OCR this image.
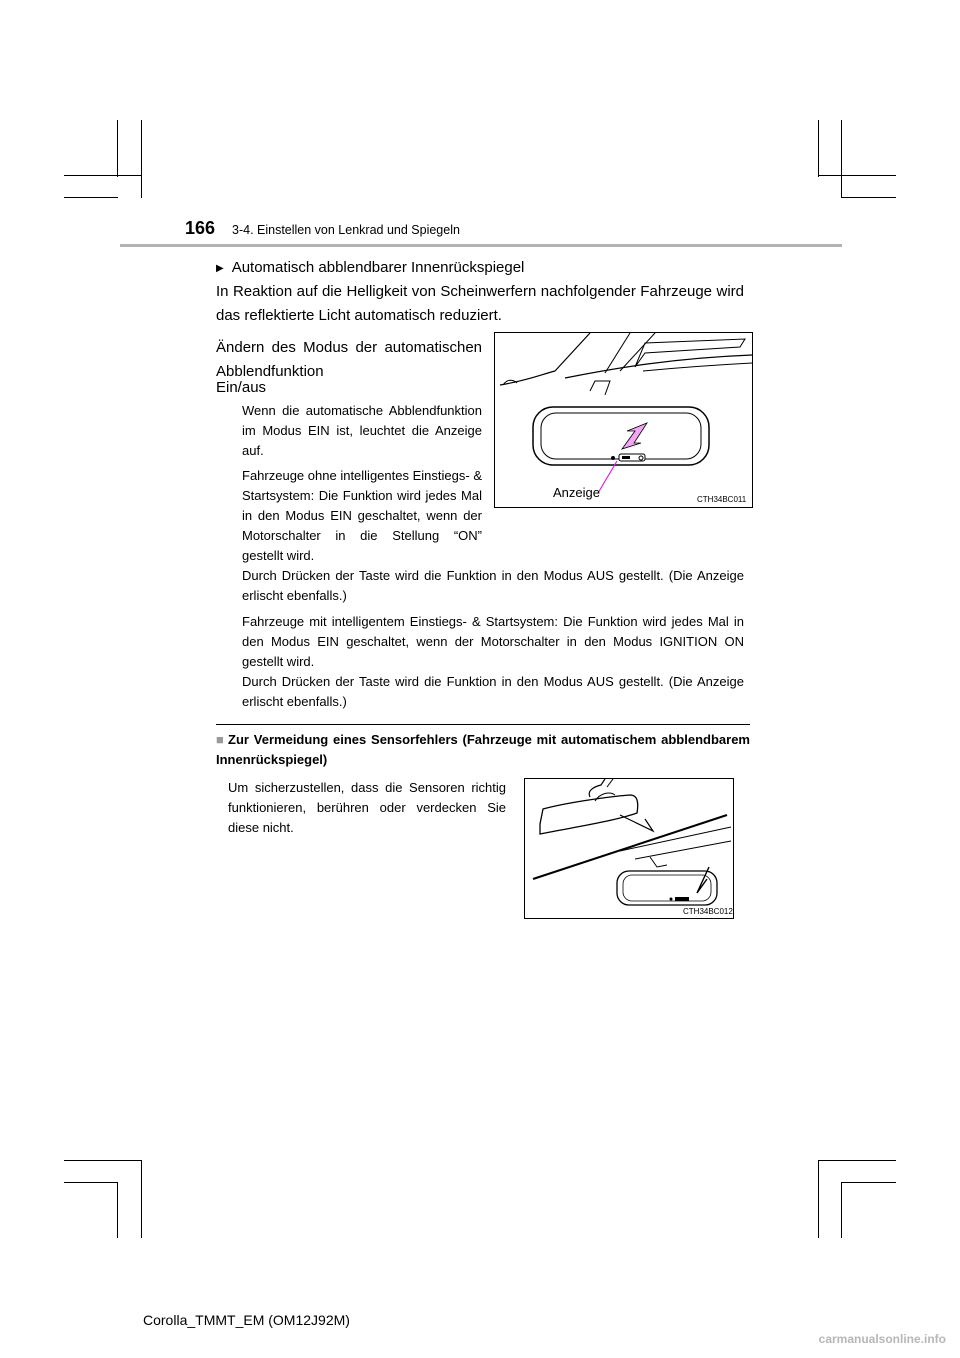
166 3-4. Einstellen von Lenkrad und Spiegeln
▶ Automatisch abblendbarer Innenrückspiegel
In Reaktion auf die Helligkeit von Scheinwerfern nachfolgender Fahrzeuge wird das reflektierte Licht automatisch reduziert.
Ändern des Modus der automatischen Abblendfunktion
Ein/aus
Wenn die automatische Abblendfunktion im Modus EIN ist, leuchtet die Anzeige auf.
Fahrzeuge ohne intelligentes Einstiegs- & Startsystem: Die Funktion wird jedes Mal in den Modus EIN geschaltet, wenn der Motorschalter in die Stellung “ON” gestellt wird.
Durch Drücken der Taste wird die Funktion in den Modus AUS gestellt. (Die Anzeige erlischt ebenfalls.)
Fahrzeuge mit intelligentem Einstiegs- & Startsystem: Die Funktion wird jedes Mal in den Modus EIN geschaltet, wenn der Motorschalter in den Modus IGNITION ON gestellt wird.
Durch Drücken der Taste wird die Funktion in den Modus AUS gestellt. (Die Anzeige erlischt ebenfalls.)
Anzeige	CTH34BC011
■ Zur Vermeidung eines Sensorfehlers (Fahrzeuge mit automatischem abblendbarem Innenrückspiegel)
Um sicherzustellen, dass die Sensoren richtig funktionieren, berühren oder verdecken Sie diese nicht.
CTH34BC012
Corolla_TMMT_EM (OM12J92M)
carmanualsonline.info
